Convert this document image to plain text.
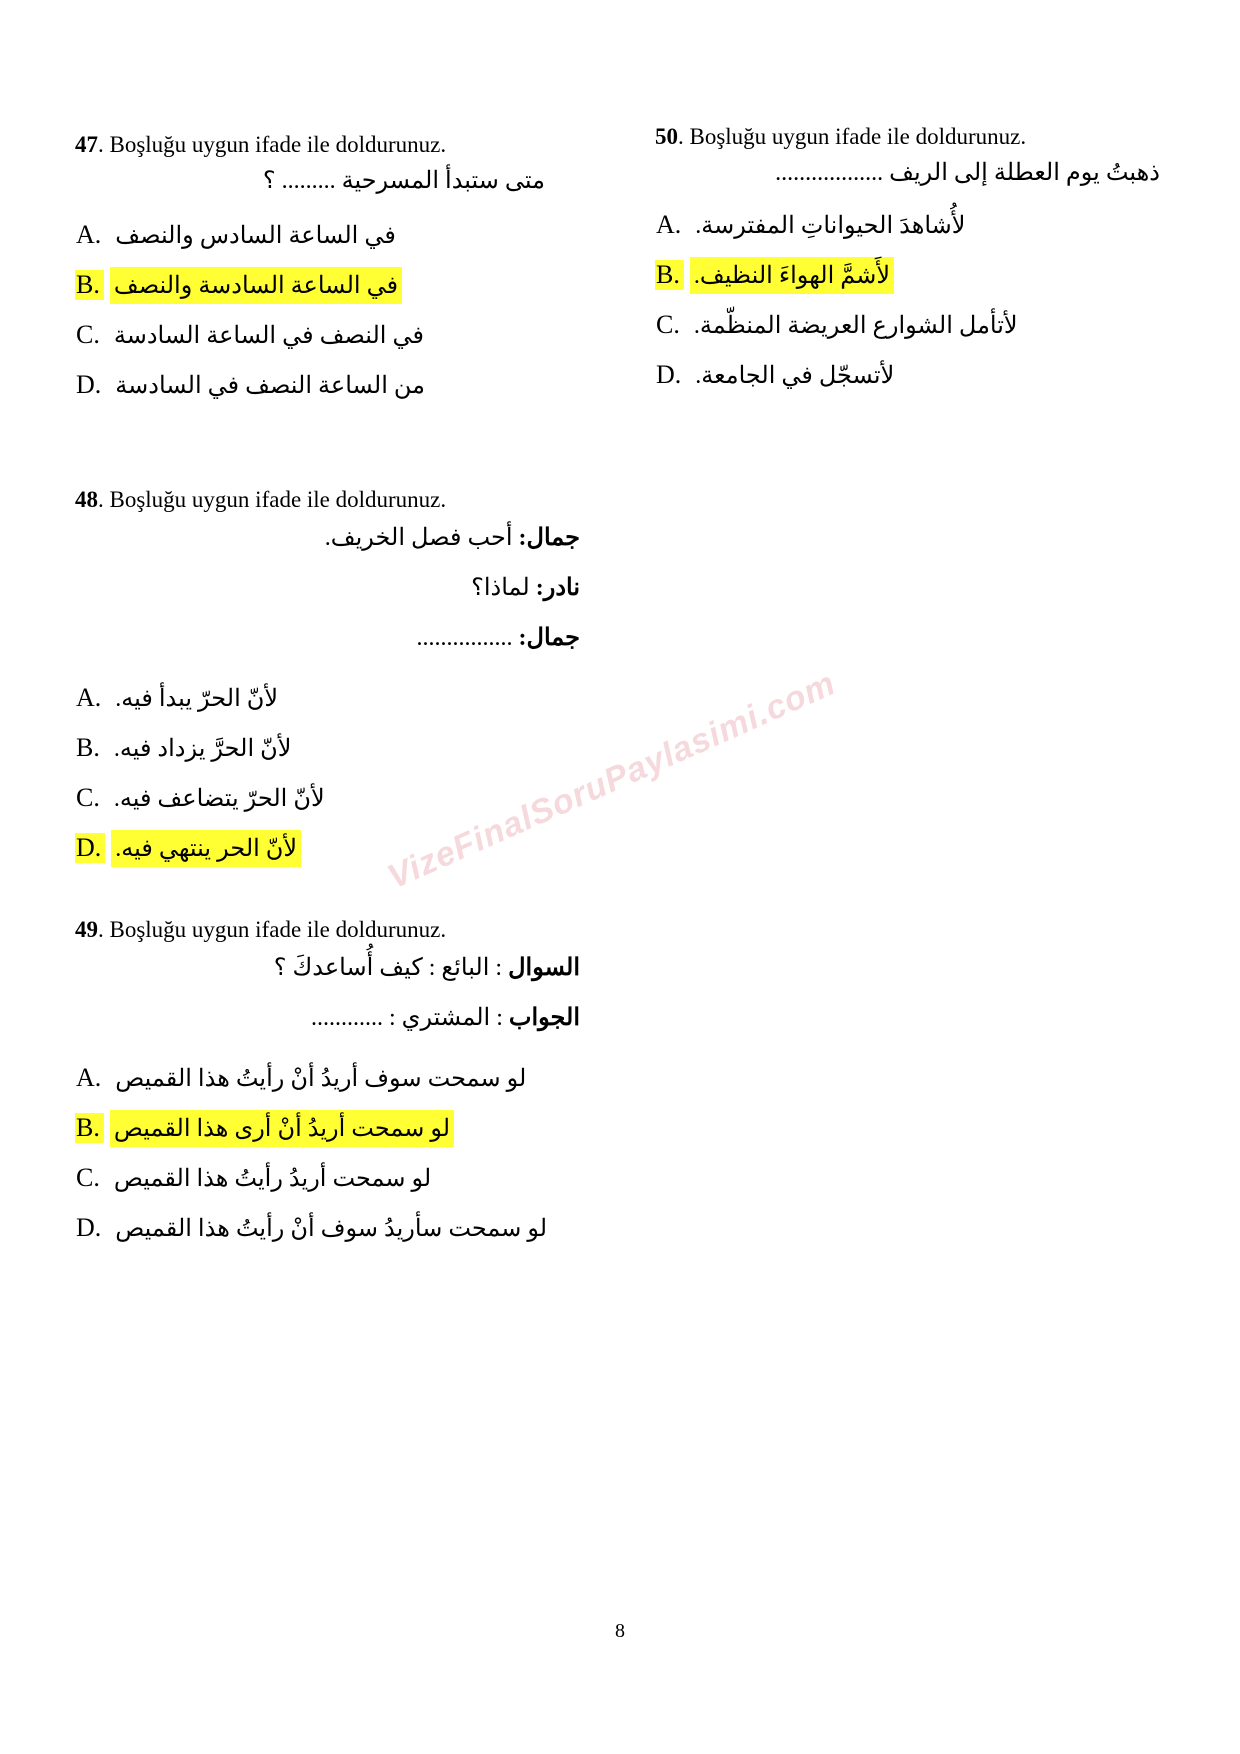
47. Boşluğu uygun ifade ile doldurunuz.
متى ستبدأ المسرحية ......... ؟
A. في الساعة السادس والنصف
B. في الساعة السادسة والنصف
C. في النصف في الساعة السادسة
D. من الساعة النصف في السادسة
50. Boşluğu uygun ifade ile doldurunuz.
ذهبتُ يوم العطلة إلى الريف ..................
A. لأُشاهدَ الحيواناتِ المفترسة.
B. لأَشمَّ الهواءَ النظيف.
C. لأتأمل الشوارع العريضة المنظّمة.
D. لأتسجّل في الجامعة.
48. Boşluğu uygun ifade ile doldurunuz.
جمال: أحب فصل الخريف.
نادر: لماذا؟
جمال: ................
A. لأنّ الحرّ يبدأ فيه.
B. لأنّ الحرَّ يزداد فيه.
C. لأنّ الحرّ يتضاعف فيه.
D. لأنّ الحر ينتهي فيه.
49. Boşluğu uygun ifade ile doldurunuz.
السوال : البائع : كيف أُساعدكَ ؟
الجواب : المشتري : ............
A. لو سمحت سوف أريدُ أنْ رأيتُ هذا القميص
B. لو سمحت أريدُ أنْ أرى هذا القميص
C. لو سمحت أريدُ رأيتُ هذا القميص
D. لو سمحت سأريدُ سوف أنْ رأيتُ هذا القميص
VizeFinalSoruPaylasimi.com
8
